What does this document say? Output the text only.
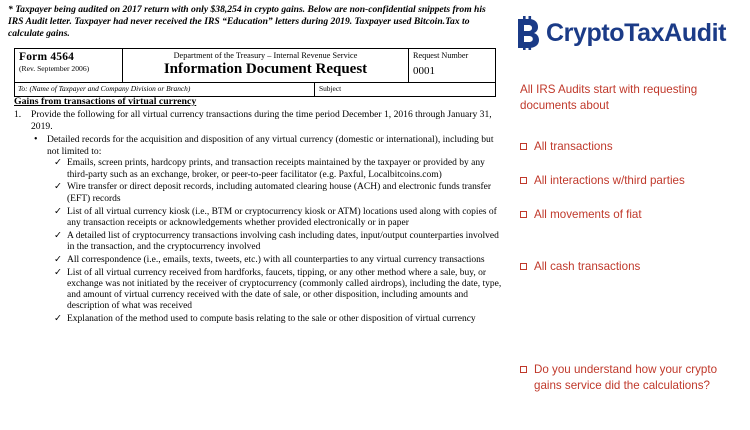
* Taxpayer being audited on 2017 return with only $38,254 in crypto gains. Below are non-confidential snippets from his IRS Audit letter. Taxpayer had never received the IRS “Education” letters during 2019. Taxpayer used Bitcoin.Tax to calculate gains.
Form 4564
(Rev. September 2006)
Department of the Treasury – Internal Revenue Service
Information Document Request
Request Number
0001
To: (Name of Taxpayer and Company Division or Branch)	Subject
Gains from transactions of virtual currency
1.	Provide the following for all virtual currency transactions during the time period December 1, 2016 through January 31, 2019.
• Detailed records for the acquisition and disposition of any virtual currency (domestic or international), including but not limited to:
✓ Emails, screen prints, hardcopy prints, and transaction receipts maintained by the taxpayer or provided by any third-party such as an exchange, broker, or peer-to-peer facilitator (e.g. Paxful, Localbitcoins.com)
✓ Wire transfer or direct deposit records, including automated clearing house (ACH) and electronic funds transfer (EFT) records
✓ List of all virtual currency kiosk (i.e., BTM or cryptocurrency kiosk or ATM) locations used along with copies of any transaction receipts or acknowledgements whether provided electronically or in paper
✓ A detailed list of cryptocurrency transactions involving cash including dates, input/output counterparties involved in the transaction, and the cryptocurrency involved
✓ All correspondence (i.e., emails, texts, tweets, etc.) with all counterparties to any virtual currency transactions
✓ List of all virtual currency received from hardforks, faucets, tipping, or any other method where a sale, buy, or exchange was not initiated by the receiver of cryptocurrency (commonly called airdrops), including the date, type, and amount of virtual currency received with the date of sale, or other disposition, including amounts and description of what was received
✓ Explanation of the method used to compute basis relating to the sale or other disposition of virtual currency
CryptoTaxAudit
All IRS Audits start with requesting documents about
All transactions
All interactions w/third parties
All movements of fiat
All cash transactions
Do you understand how your crypto gains service did the calculations?
